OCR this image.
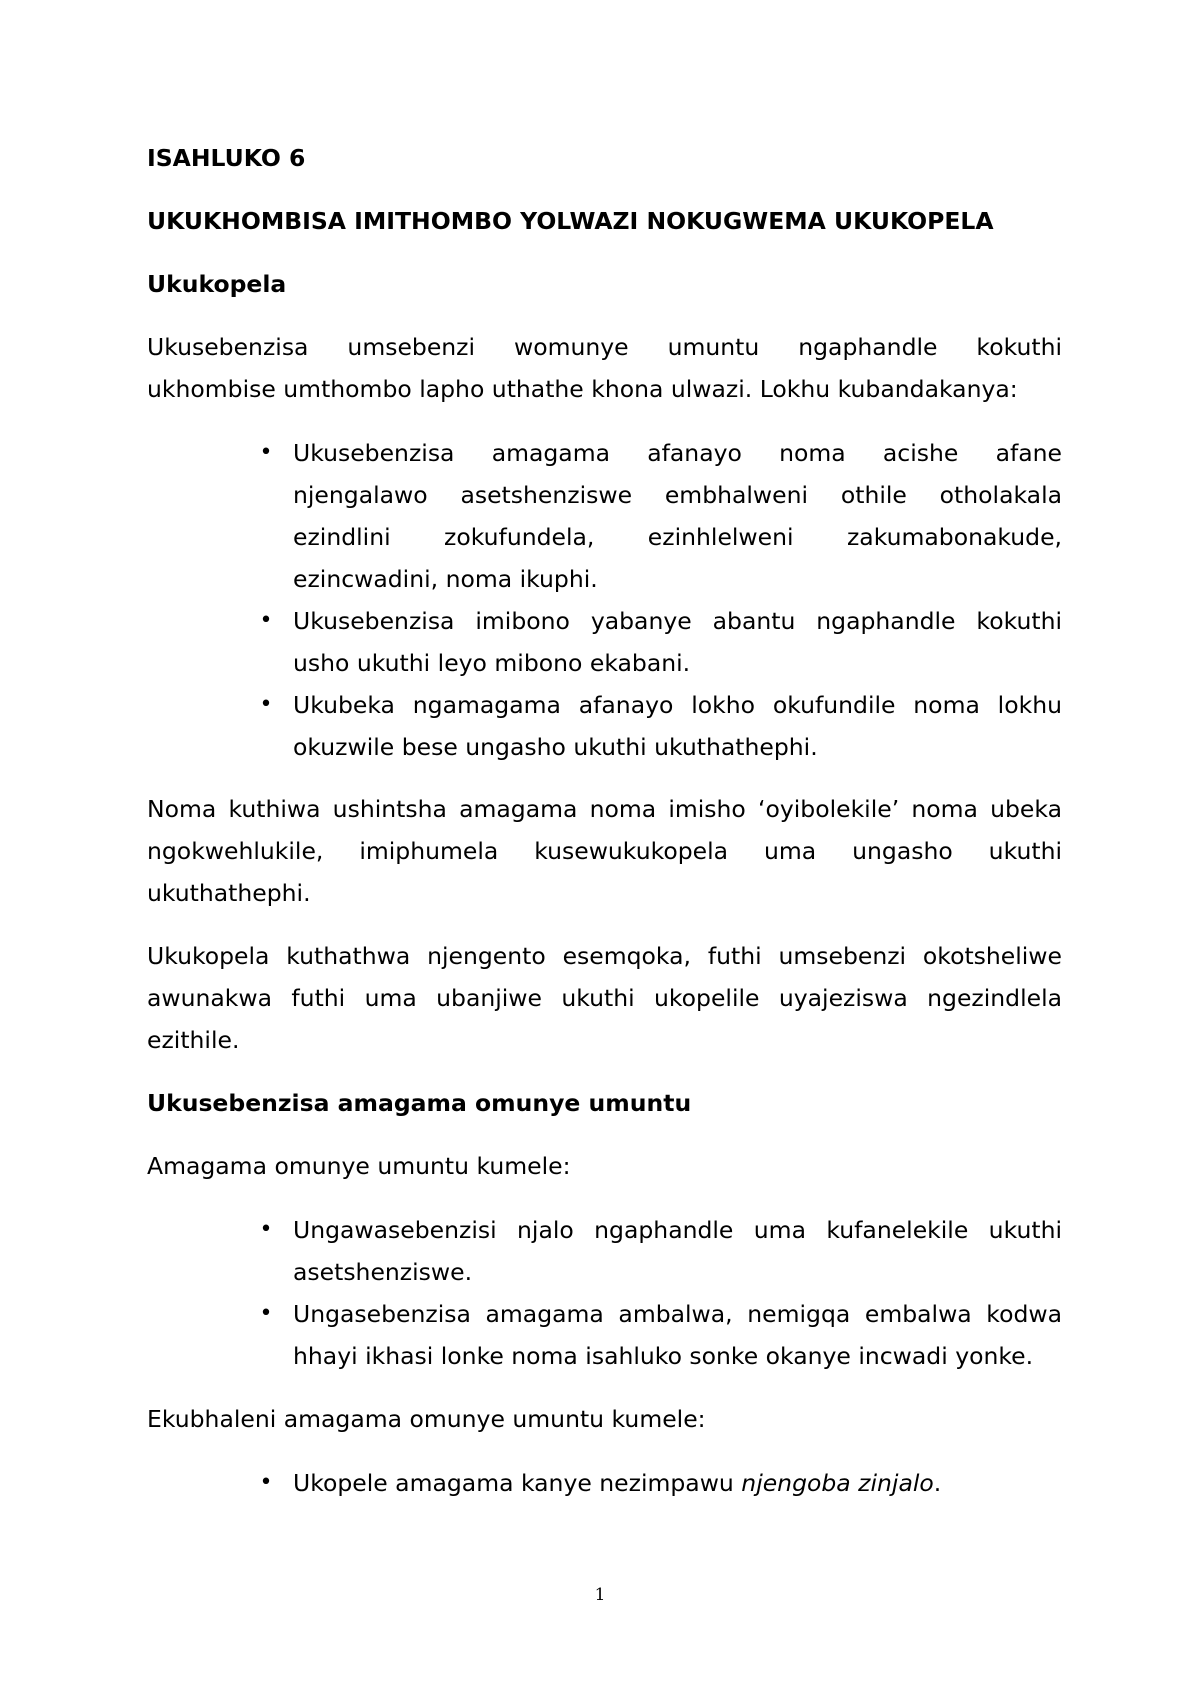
ISAHLUKO 6

UKUKHOMBISA IMITHOMBO YOLWAZI NOKUGWEMA UKUKOPELA

Ukukopela

Ukusebenzisa umsebenzi womunye umuntu ngaphandle kokuthi

ukhombise umthombo lapho uthathe khona ulwazi. Lokhu kubandakanya:

• Ukusebenzisa amagama afanayo noma acishe afane

njengalawo asetshenziswe embhalweni othile otholakala

ezindlini zokufundela, ezinhlelweni zakumabonakude,

ezincwadini, noma ikuphi.

• Ukusebenzisa imibono yabanye abantu ngaphandle kokuthi

usho ukuthi leyo mibono ekabani.

• Ukubeka ngamagama afanayo lokho okufundile noma lokhu

okuzwile bese ungasho ukuthi ukuthathephi.

Noma kuthiwa ushintsha amagama noma imisho ‘oyibolekile’ noma ubeka

ngokwehlukile, imiphumela kusewukukopela uma ungasho ukuthi

ukuthathephi.

Ukukopela kuthathwa njengento esemqoka, futhi umsebenzi okotsheliwe

awunakwa futhi uma ubanjiwe ukuthi ukopelile uyajeziswa ngezindlela

ezithile.

Ukusebenzisa amagama omunye umuntu

Amagama omunye umuntu kumele:

• Ungawasebenzisi njalo ngaphandle uma kufanelekile ukuthi

asetshenziswe.

• Ungasebenzisa amagama ambalwa, nemigqa embalwa kodwa

hhayi ikhasi lonke noma isahluko sonke okanye incwadi yonke.

Ekubhaleni amagama omunye umuntu kumele:

• Ukopele amagama kanye nezimpawu njengoba zinjalo.

1
